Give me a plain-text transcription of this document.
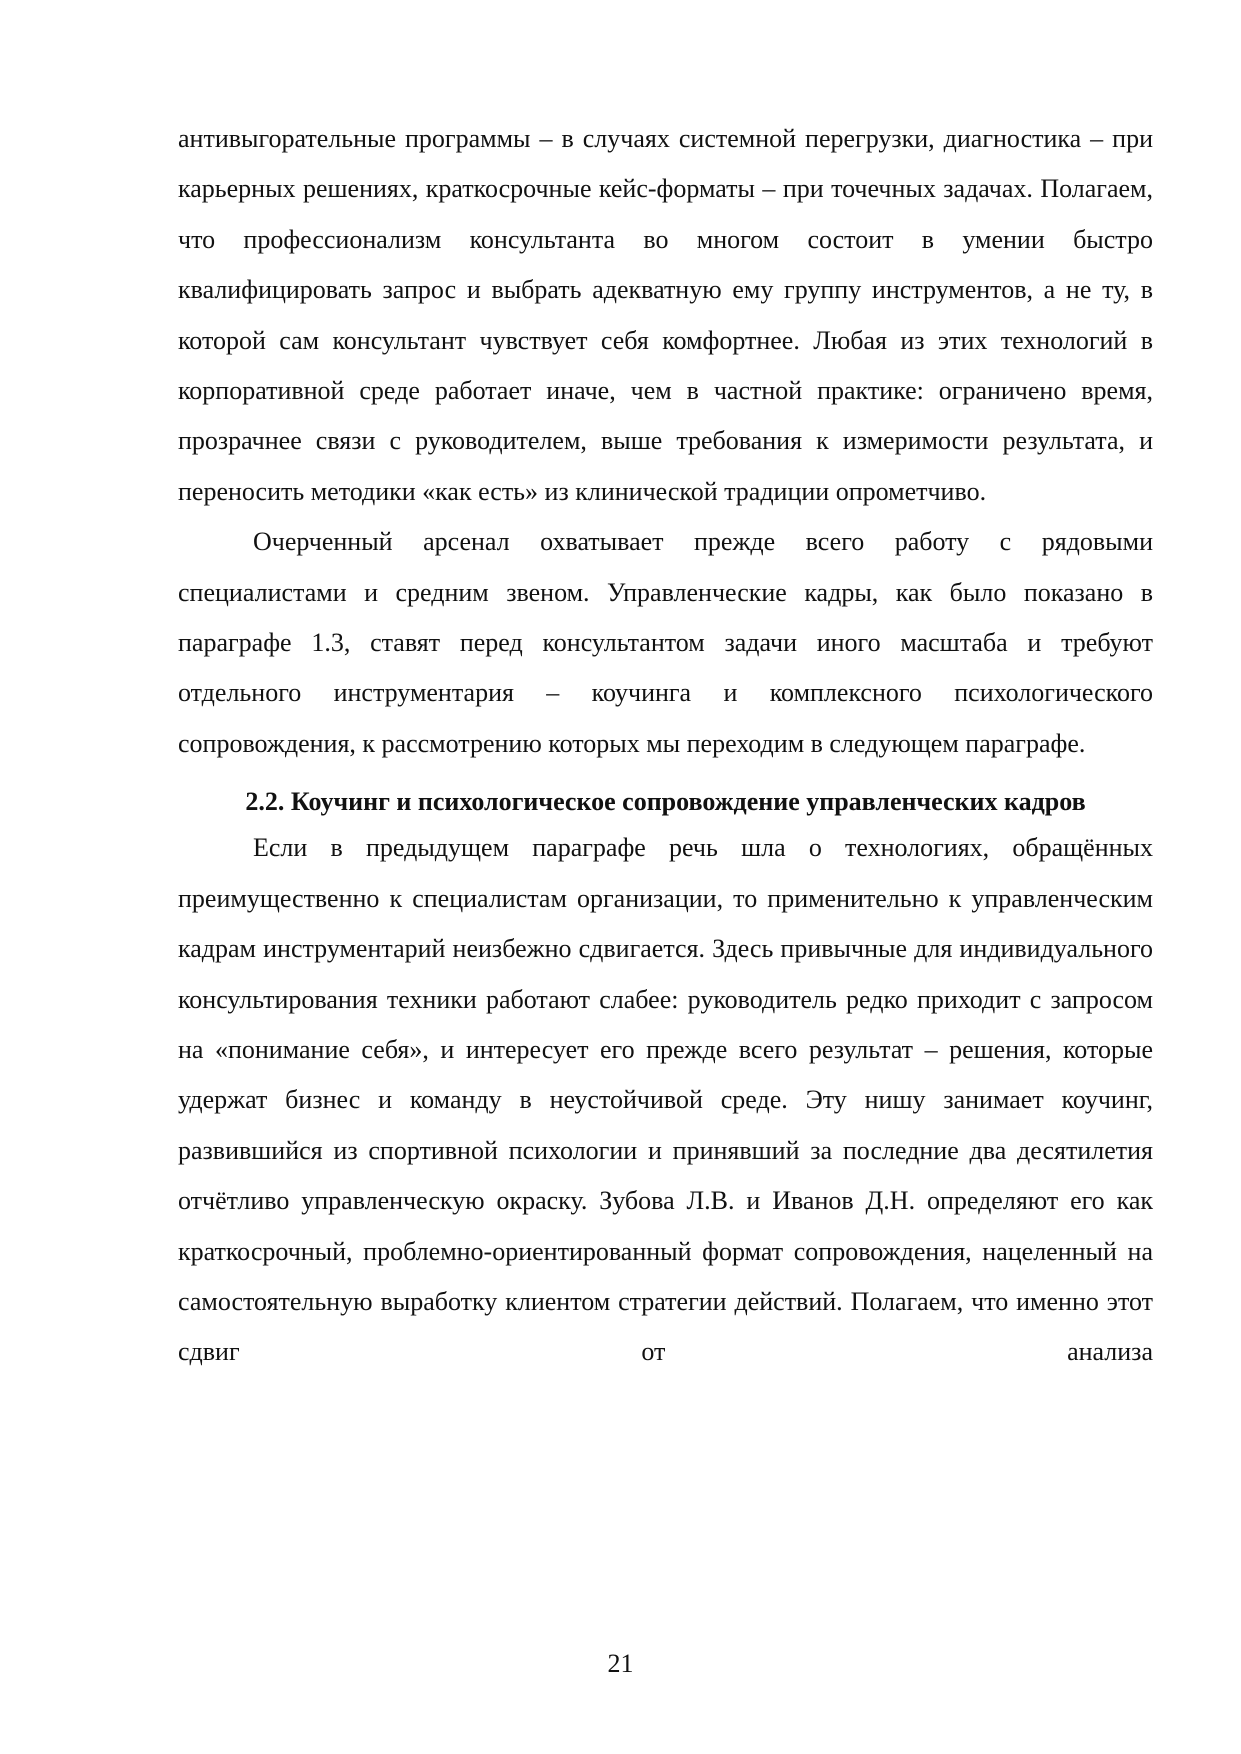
антивыгорательные программы – в случаях системной перегрузки, диагностика – при карьерных решениях, краткосрочные кейс-форматы – при точечных задачах. Полагаем, что профессионализм консультанта во многом состоит в умении быстро квалифицировать запрос и выбрать адекватную ему группу инструментов, а не ту, в которой сам консультант чувствует себя комфортнее. Любая из этих технологий в корпоративной среде работает иначе, чем в частной практике: ограничено время, прозрачнее связи с руководителем, выше требования к измеримости результата, и переносить методики «как есть» из клинической традиции опрометчиво.

Очерченный арсенал охватывает прежде всего работу с рядовыми специалистами и средним звеном. Управленческие кадры, как было показано в параграфе 1.3, ставят перед консультантом задачи иного масштаба и требуют отдельного инструментария – коучинга и комплексного психологического сопровождения, к рассмотрению которых мы переходим в следующем параграфе.

2.2. Коучинг и психологическое сопровождение управленческих кадров

Если в предыдущем параграфе речь шла о технологиях, обращённых преимущественно к специалистам организации, то применительно к управленческим кадрам инструментарий неизбежно сдвигается. Здесь привычные для индивидуального консультирования техники работают слабее: руководитель редко приходит с запросом на «понимание себя», и интересует его прежде всего результат – решения, которые удержат бизнес и команду в неустойчивой среде. Эту нишу занимает коучинг, развившийся из спортивной психологии и принявший за последние два десятилетия отчётливо управленческую окраску. Зубова Л.В. и Иванов Д.Н. определяют его как краткосрочный, проблемно-ориентированный формат сопровождения, нацеленный на самостоятельную выработку клиентом стратегии действий. Полагаем, что именно этот сдвиг от анализа

21
